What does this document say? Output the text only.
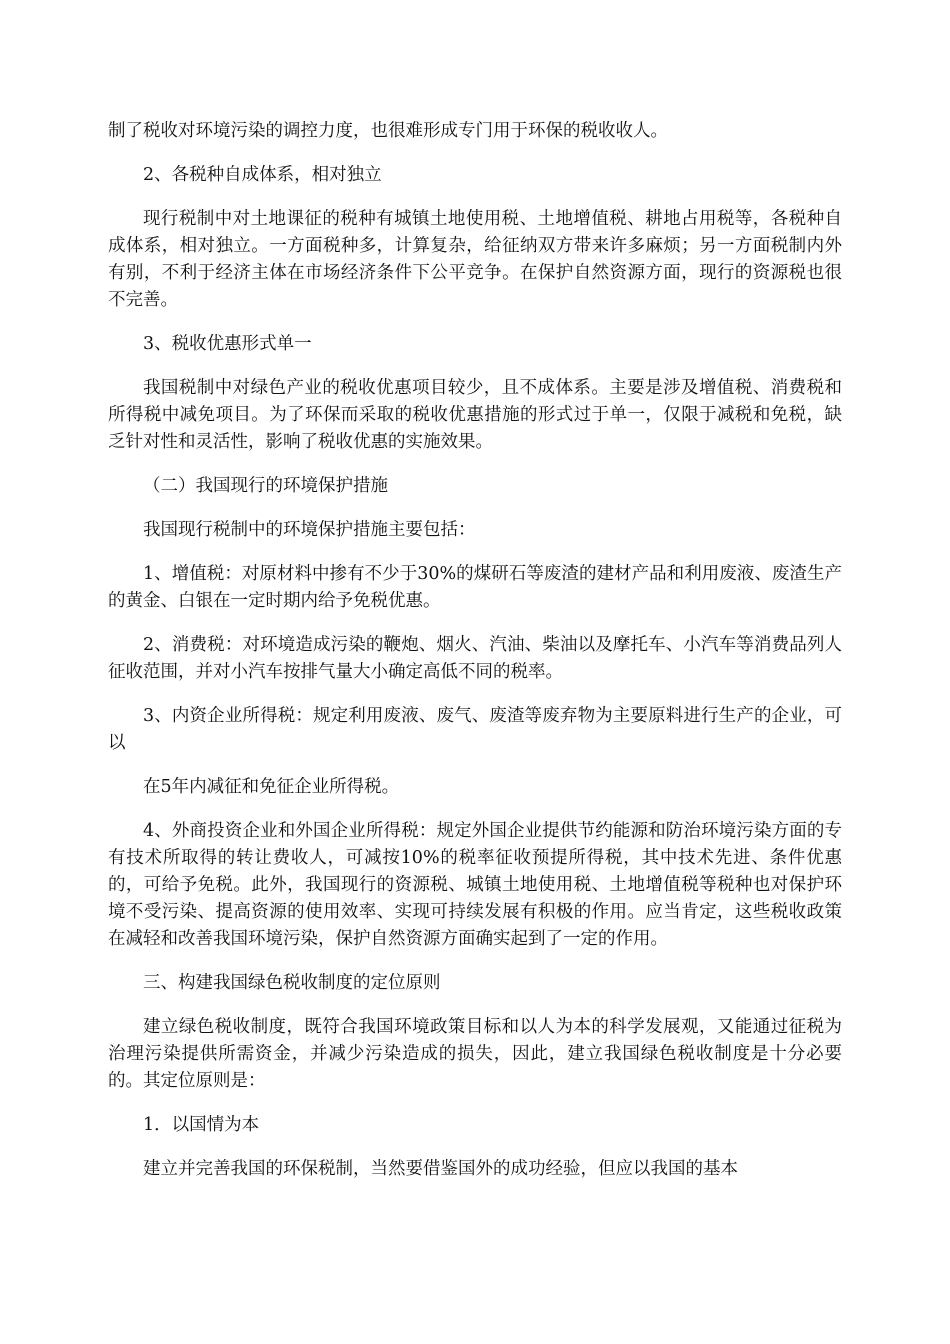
制了税收对环境污染的调控力度，也很难形成专门用于环保的税收收人。

2、各税种自成体系，相对独立

现行税制中对土地课征的税种有城镇土地使用税、土地增值税、耕地占用税等，各税种自成体系，相对独立。一方面税种多，计算复杂，给征纳双方带来许多麻烦；另一方面税制内外有别，不利于经济主体在市场经济条件下公平竞争。在保护自然资源方面，现行的资源税也很不完善。

3、税收优惠形式单一

我国税制中对绿色产业的税收优惠项目较少，且不成体系。主要是涉及增值税、消费税和所得税中减免项目。为了环保而采取的税收优惠措施的形式过于单一，仅限于减税和免税，缺乏针对性和灵活性，影响了税收优惠的实施效果。

（二）我国现行的环境保护措施

我国现行税制中的环境保护措施主要包括：

1、增值税：对原材料中掺有不少于30%的煤研石等废渣的建材产品和利用废液、废渣生产的黄金、白银在一定时期内给予免税优惠。

2、消费税：对环境造成污染的鞭炮、烟火、汽油、柴油以及摩托车、小汽车等消费品列人征收范围，并对小汽车按排气量大小确定高低不同的税率。

3、内资企业所得税：规定利用废液、废气、废渣等废弃物为主要原料进行生产的企业，可以

在5年内减征和免征企业所得税。

4、外商投资企业和外国企业所得税：规定外国企业提供节约能源和防治环境污染方面的专有技术所取得的转让费收人，可减按10%的税率征收预提所得税，其中技术先进、条件优惠的，可给予免税。此外，我国现行的资源税、城镇土地使用税、土地增值税等税种也对保护环境不受污染、提高资源的使用效率、实现可持续发展有积极的作用。应当肯定，这些税收政策在减轻和改善我国环境污染，保护自然资源方面确实起到了一定的作用。

三、构建我国绿色税收制度的定位原则

建立绿色税收制度，既符合我国环境政策目标和以人为本的科学发展观，又能通过征税为治理污染提供所需资金，并减少污染造成的损失，因此，建立我国绿色税收制度是十分必要的。其定位原则是：

1．以国情为本

建立并完善我国的环保税制，当然要借鉴国外的成功经验，但应以我国的基本
